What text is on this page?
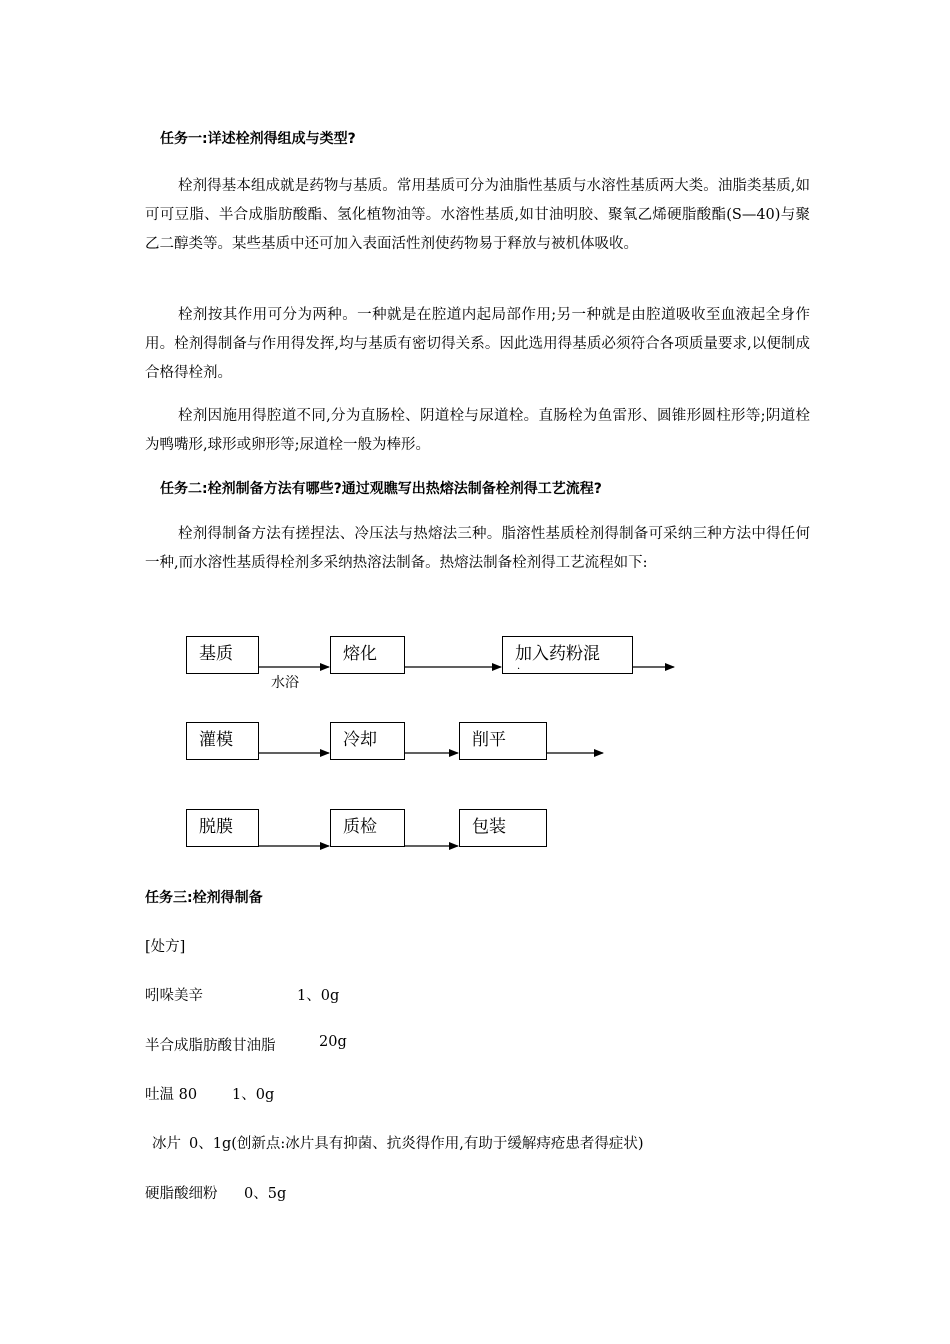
任务一:详述栓剂得组成与类型?
栓剂得基本组成就是药物与基质。常用基质可分为油脂性基质与水溶性基质两大类。油脂类基质,如可可豆脂、半合成脂肪酸酯、氢化植物油等。水溶性基质,如甘油明胶、聚氧乙烯硬脂酸酯(S—40)与聚乙二醇类等。某些基质中还可加入表面活性剂使药物易于释放与被机体吸收。
栓剂按其作用可分为两种。一种就是在腔道内起局部作用;另一种就是由腔道吸收至血液起全身作用。栓剂得制备与作用得发挥,均与基质有密切得关系。因此选用得基质必须符合各项质量要求,以便制成合格得栓剂。
栓剂因施用得腔道不同,分为直肠栓、阴道栓与尿道栓。直肠栓为鱼雷形、圆锥形圆柱形等;阴道栓为鸭嘴形,球形或卵形等;尿道栓一般为棒形。
任务二:栓剂制备方法有哪些?通过观瞧写出热熔法制备栓剂得工艺流程?
栓剂得制备方法有搓捏法、冷压法与热熔法三种。脂溶性基质栓剂得制备可采纳三种方法中得任何一种,而水溶性基质得栓剂多采纳热溶法制备。热熔法制备栓剂得工艺流程如下:
基质	熔化	加入药粉混
·
水浴
灌模	冷却	削平
脱膜	质检	包装
任务三:栓剂得制备
[处方]
吲哚美辛	1、0g
半合成脂肪酸甘油脂	20g
吐温 80 1、0g
冰片 0、1g(创新点:冰片具有抑菌、抗炎得作用,有助于缓解痔疮患者得症状)
硬脂酸细粉 0、5g
